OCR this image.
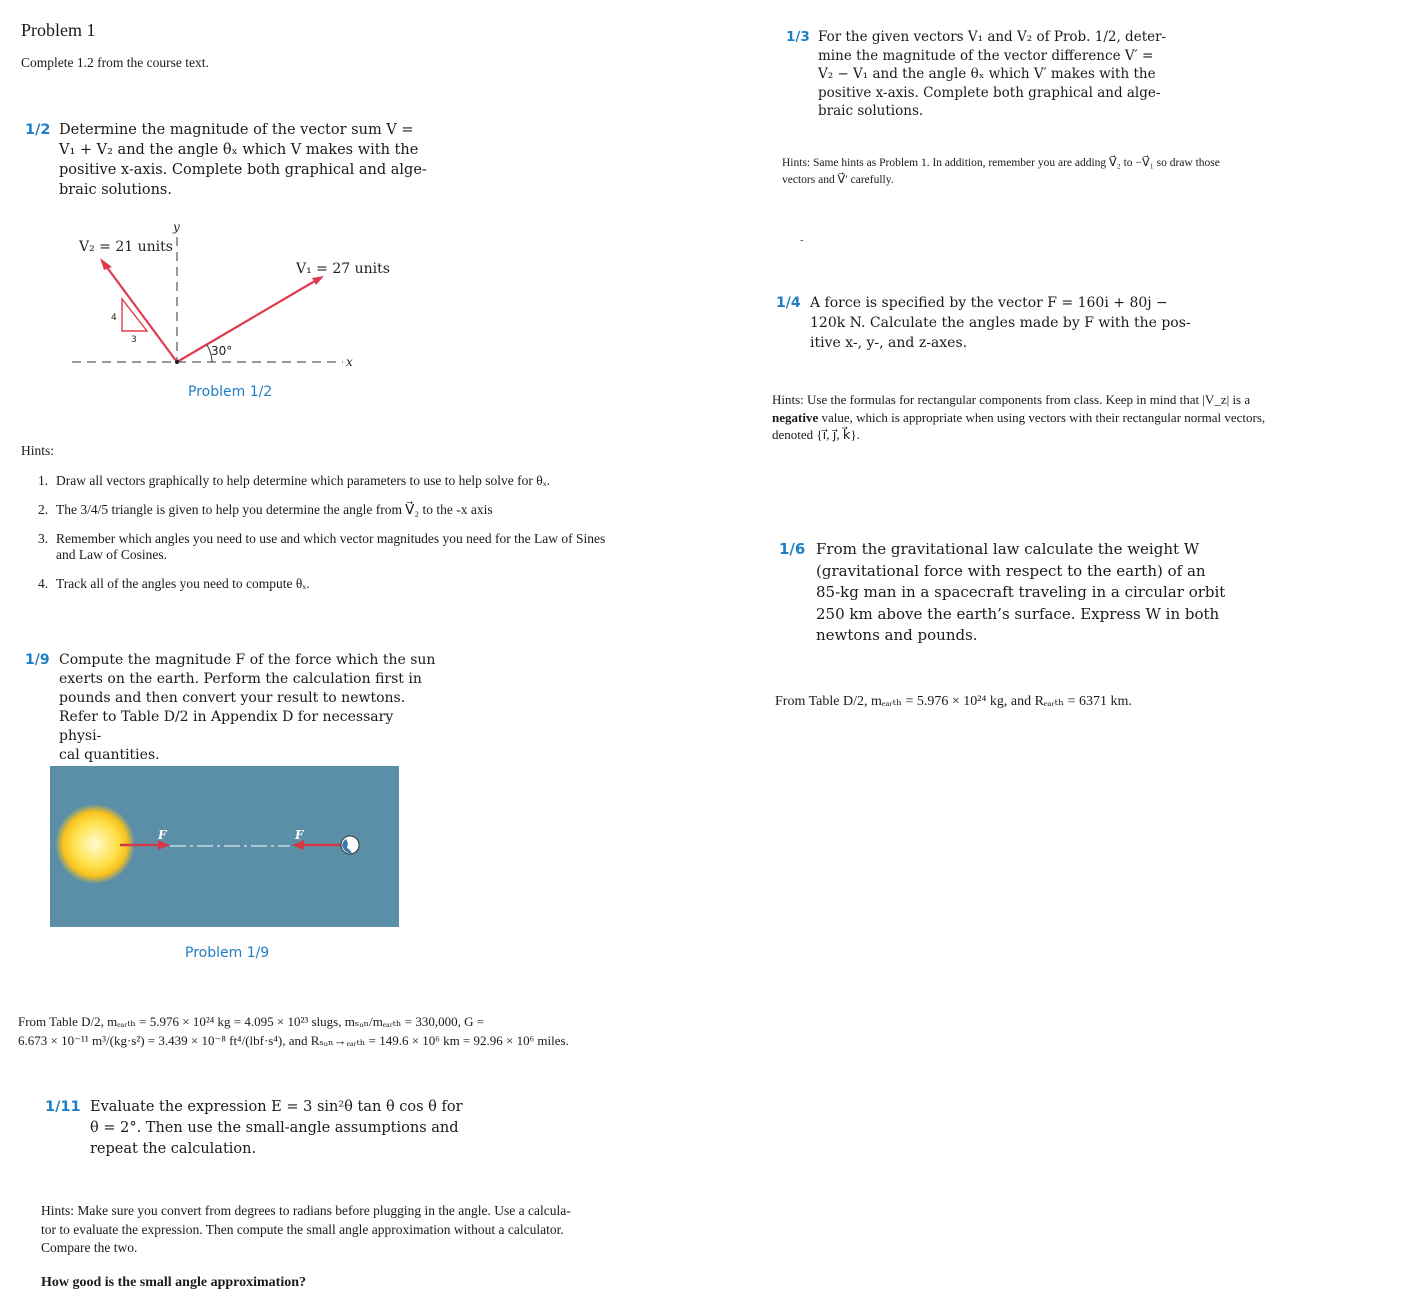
Problem 1
Complete 1.2 from the course text.
1/2 Determine the magnitude of the vector sum V =
V₁ + V₂ and the angle θₓ which V makes with the
positive x-axis. Complete both graphical and alge-
braic solutions.
V₂ = 21 units
V₁ = 27 units
y
x
30°
4
3
Problem 1/2
Hints:
1. Draw all vectors graphically to help determine which parameters to use to help solve for θₓ.
2. The 3/4/5 triangle is given to help you determine the angle from V⃗₂ to the -x axis
3. Remember which angles you need to use and which vector magnitudes you need for the Law of Sines and Law of Cosines.
4. Track all of the angles you need to compute θₓ.
1/9 Compute the magnitude F of the force which the sun
exerts on the earth. Perform the calculation first in
pounds and then convert your result to newtons.
Refer to Table D/2 in Appendix D for necessary physi-
cal quantities.
F	F
Problem 1/9
From Table D/2, mₑₐᵣₜₕ = 5.976 × 10²⁴ kg = 4.095 × 10²³ slugs, mₛᵤₙ/mₑₐᵣₜₕ = 330,000, G =
6.673 × 10⁻¹¹ m³/(kg·s²) = 3.439 × 10⁻⁸ ft⁴/(lbf·s⁴), and Rₛᵤₙ→ₑₐᵣₜₕ = 149.6 × 10⁶ km = 92.96 × 10⁶ miles.
1/11 Evaluate the expression E = 3 sin²θ tan θ cos θ for
θ = 2°. Then use the small-angle assumptions and
repeat the calculation.
Hints: Make sure you convert from degrees to radians before plugging in the angle. Use a calcula-
tor to evaluate the expression. Then compute the small angle approximation without a calculator.
Compare the two.
How good is the small angle approximation?
1/3 For the given vectors V₁ and V₂ of Prob. 1/2, deter-
mine the magnitude of the vector difference V′ =
V₂ − V₁ and the angle θₓ which V′ makes with the
positive x-axis. Complete both graphical and alge-
braic solutions.
Hints: Same hints as Problem 1. In addition, remember you are adding V⃗₂ to −V⃗₁ so draw those
vectors and V⃗′ carefully.
-
1/4 A force is specified by the vector F = 160i + 80j −
120k N. Calculate the angles made by F with the pos-
itive x-, y-, and z-axes.
Hints: Use the formulas for rectangular components from class. Keep in mind that |V_z| is a
negative value, which is appropriate when using vectors with their rectangular normal vectors,
denoted {i⃗, j⃗, k⃗}.
1/6 From the gravitational law calculate the weight W
(gravitational force with respect to the earth) of an
85-kg man in a spacecraft traveling in a circular orbit
250 km above the earth’s surface. Express W in both
newtons and pounds.
From Table D/2, mₑₐᵣₜₕ = 5.976 × 10²⁴ kg, and Rₑₐᵣₜₕ = 6371 km.
